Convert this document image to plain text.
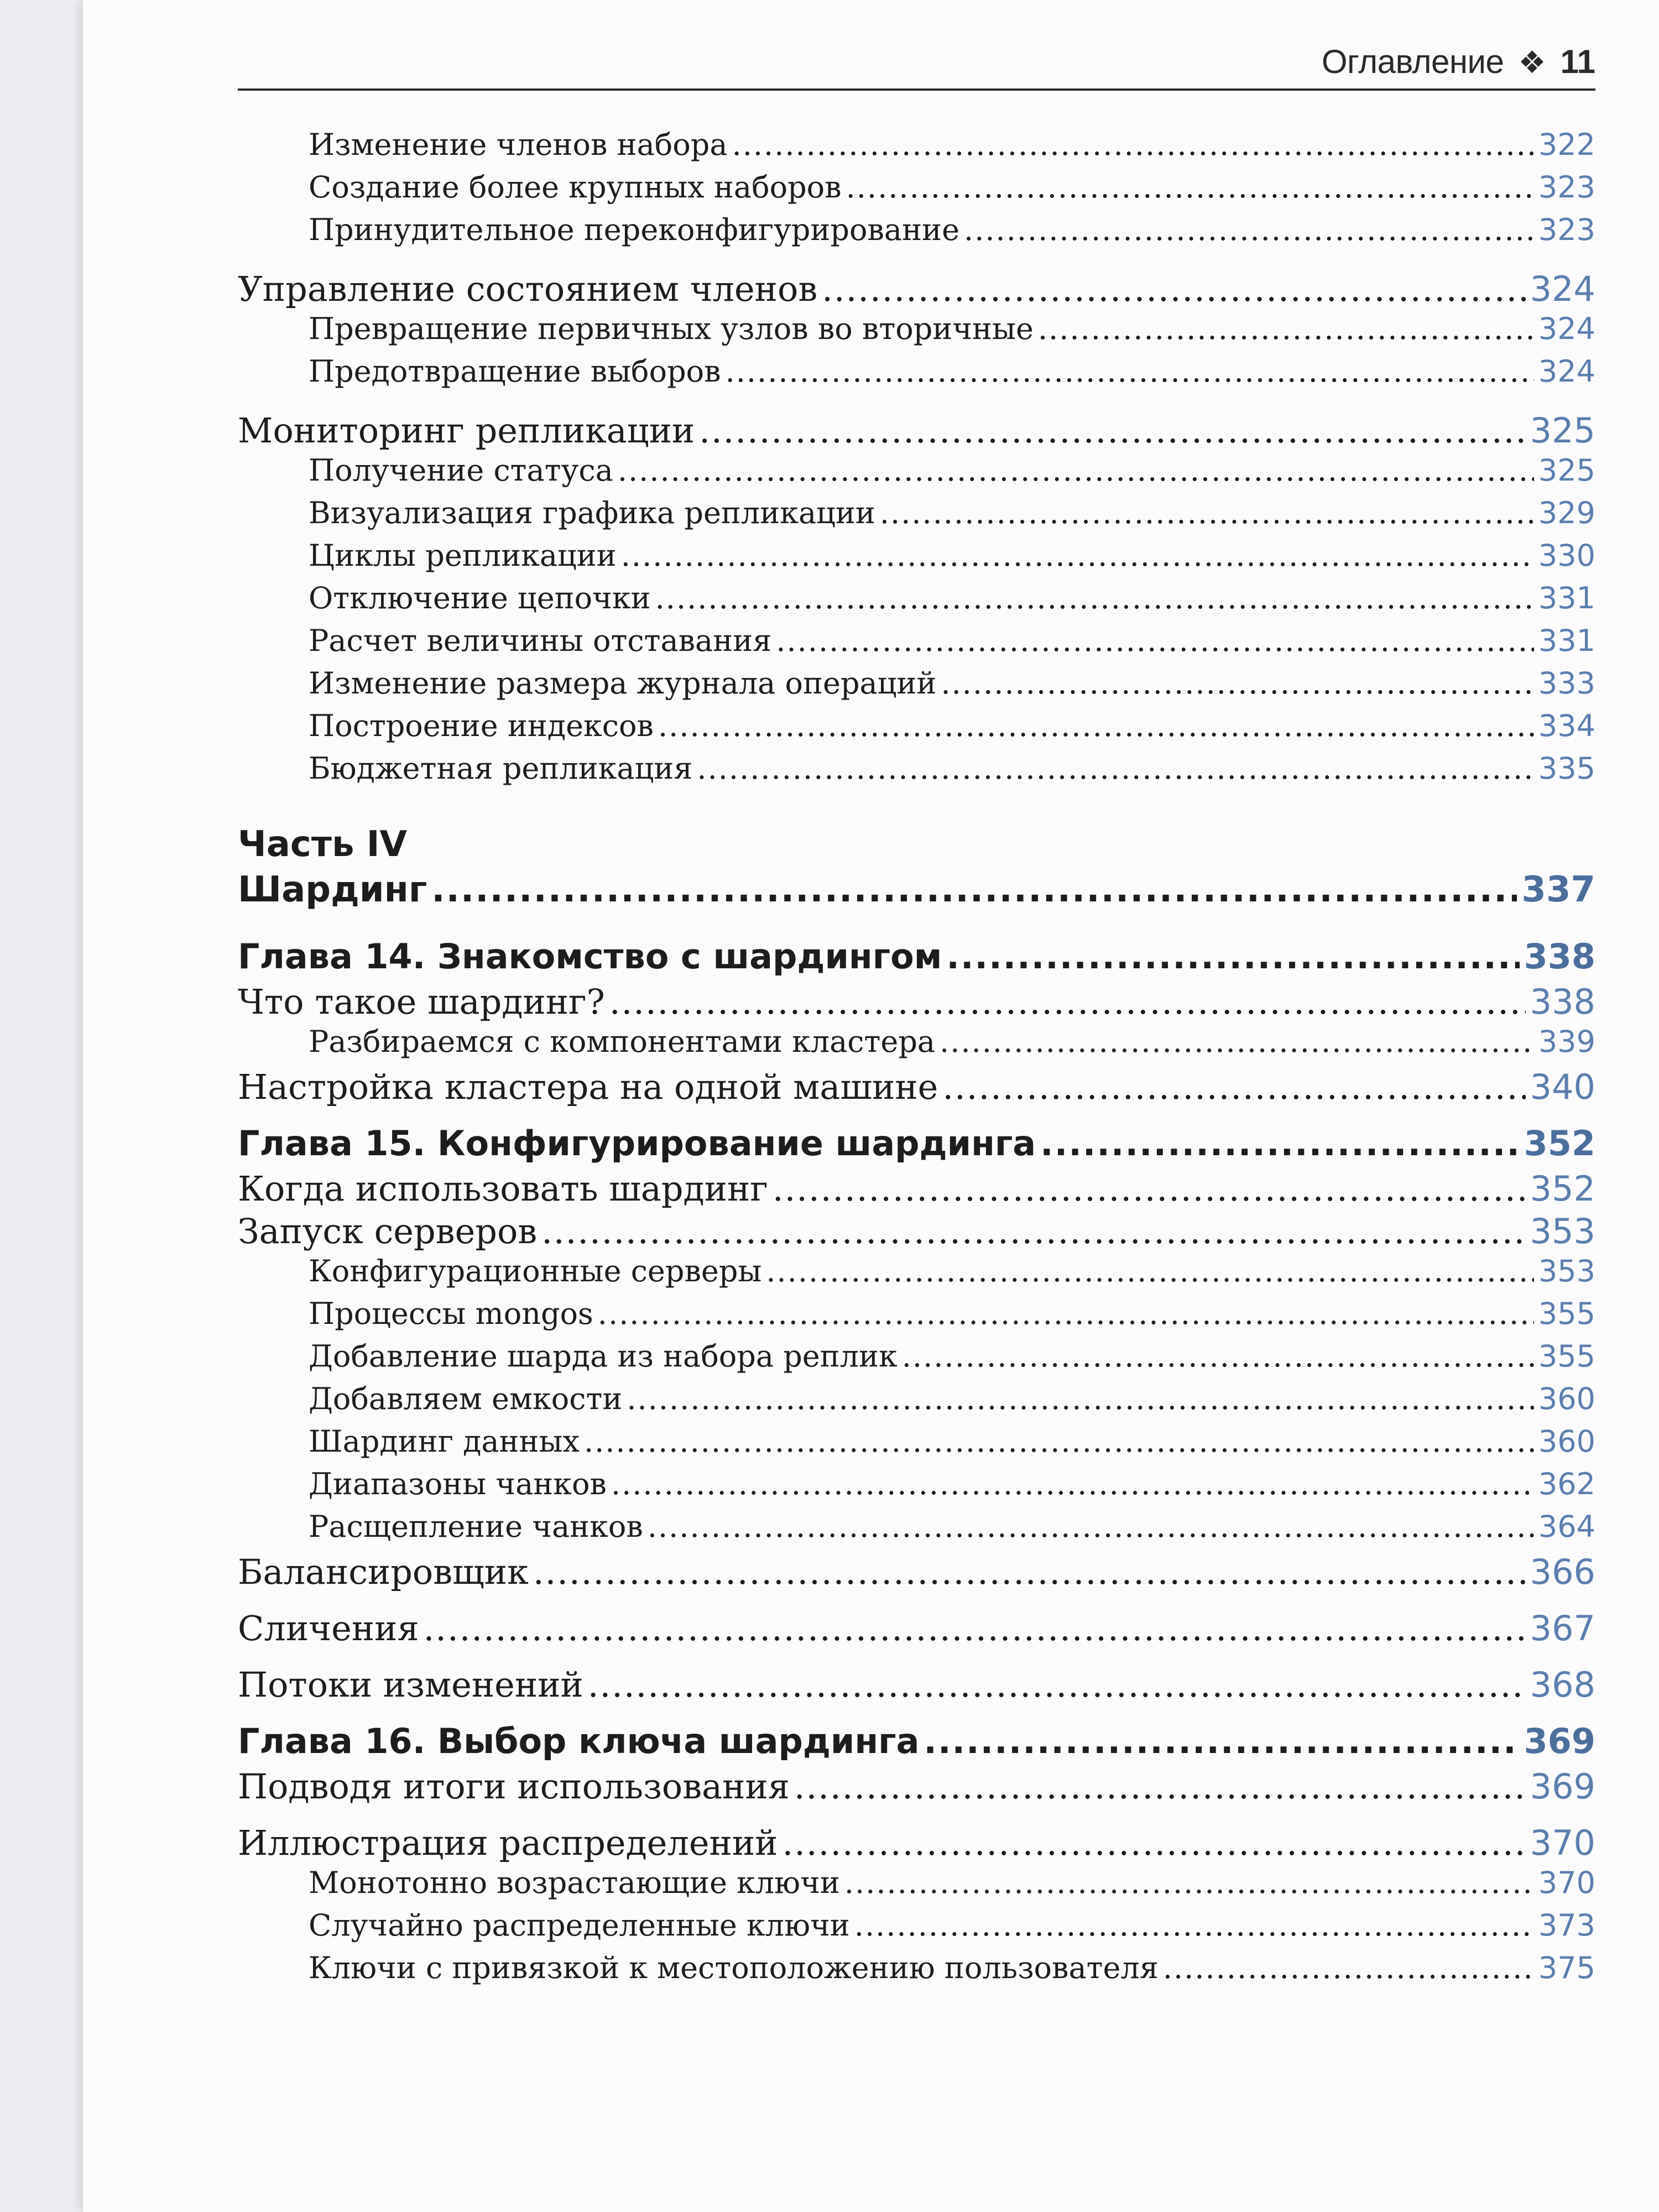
Оглавление ❖ 11
Изменение членов набора .....	322
Создание более крупных наборов .....	323
Принудительное переконфигурирование .....	323
Управление состоянием членов .....	324
Превращение первичных узлов во вторичные .....	324
Предотвращение выборов .....	324
Мониторинг репликации .....	325
Получение статуса .....	325
Визуализация графика репликации .....	329
Циклы репликации .....	330
Отключение цепочки .....	331
Расчет величины отставания .....	331
Изменение размера журнала операций .....	333
Построение индексов .....	334
Бюджетная репликация .....	335
Часть IV
Шардинг .....	337
Глава 14. Знакомство с шардингом .....	338
Что такое шардинг? .....	338
Разбираемся с компонентами кластера .....	339
Настройка кластера на одной машине .....	340
Глава 15. Конфигурирование шардинга .....	352
Когда использовать шардинг .....	352
Запуск серверов .....	353
Конфигурационные серверы .....	353
Процессы mongos .....	355
Добавление шарда из набора реплик .....	355
Добавляем емкости .....	360
Шардинг данных .....	360
Диапазоны чанков .....	362
Расщепление чанков .....	364
Балансировщик .....	366
Сличения .....	367
Потоки изменений .....	368
Глава 16. Выбор ключа шардинга .....	369
Подводя итоги использования .....	369
Иллюстрация распределений .....	370
Монотонно возрастающие ключи .....	370
Случайно распределенные ключи .....	373
Ключи с привязкой к местоположению пользователя .....	375
